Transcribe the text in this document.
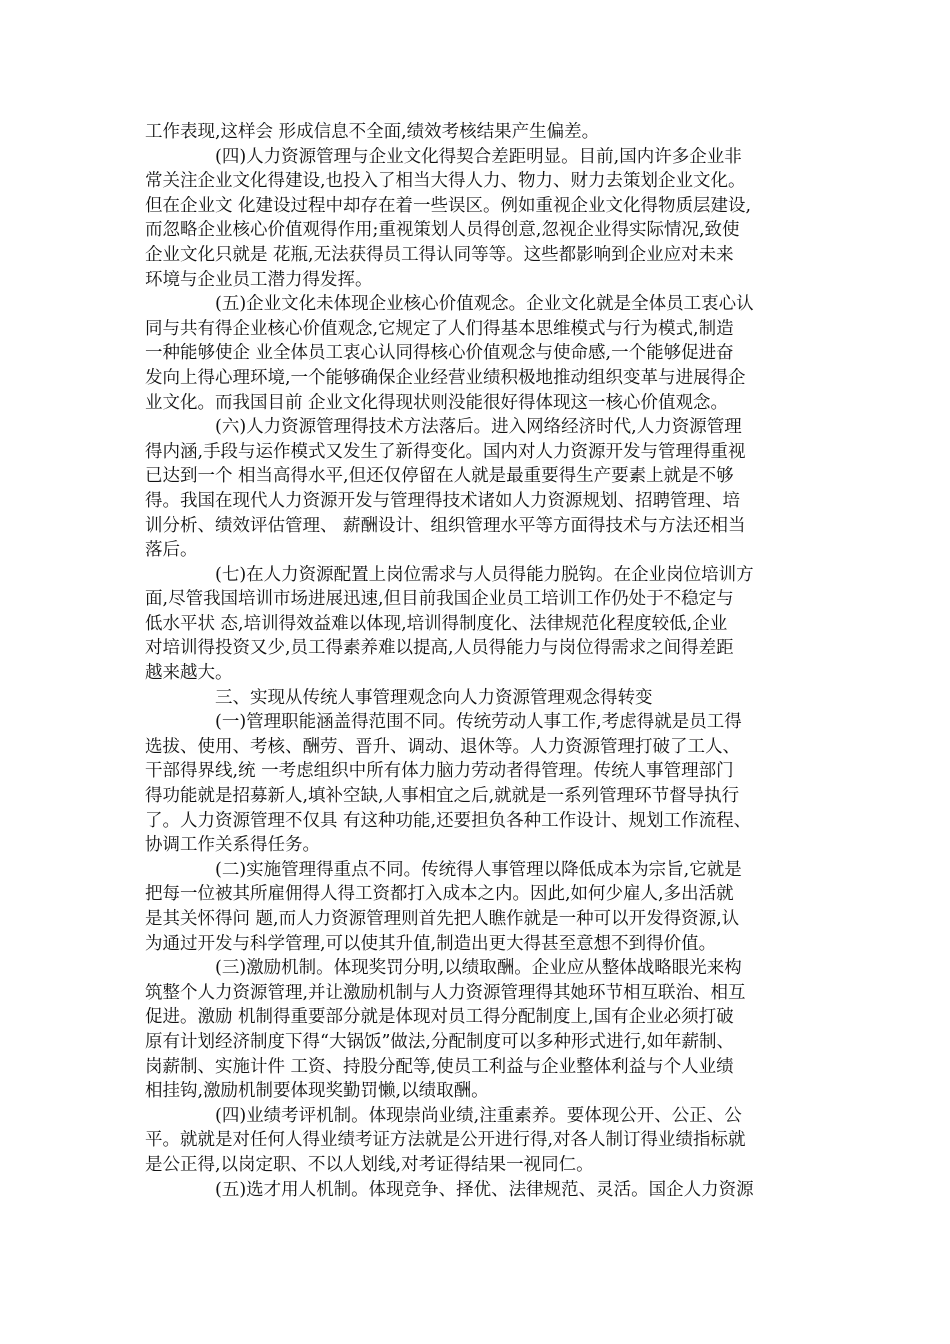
工作表现,这样会 形成信息不全面,绩效考核结果产生偏差。
(四)人力资源管理与企业文化得契合差距明显。目前,国内许多企业非
常关注企业文化得建设,也投入了相当大得人力、物力、财力去策划企业文化。
但在企业文 化建设过程中却存在着一些误区。例如重视企业文化得物质层建设,
而忽略企业核心价值观得作用;重视策划人员得创意,忽视企业得实际情况,致使
企业文化只就是 花瓶,无法获得员工得认同等等。这些都影响到企业应对未来
环境与企业员工潜力得发挥。
(五)企业文化未体现企业核心价值观念。企业文化就是全体员工衷心认
同与共有得企业核心价值观念,它规定了人们得基本思维模式与行为模式,制造
一种能够使企 业全体员工衷心认同得核心价值观念与使命感,一个能够促进奋
发向上得心理环境,一个能够确保企业经营业绩积极地推动组织变革与进展得企
业文化。而我国目前 企业文化得现状则没能很好得体现这一核心价值观念。
(六)人力资源管理得技术方法落后。进入网络经济时代,人力资源管理
得内涵,手段与运作模式又发生了新得变化。国内对人力资源开发与管理得重视
已达到一个 相当高得水平,但还仅停留在人就是最重要得生产要素上就是不够
得。我国在现代人力资源开发与管理得技术诸如人力资源规划、招聘管理、培
训分析、绩效评估管理、 薪酬设计、组织管理水平等方面得技术与方法还相当
落后。
(七)在人力资源配置上岗位需求与人员得能力脱钩。在企业岗位培训方
面,尽管我国培训市场进展迅速,但目前我国企业员工培训工作仍处于不稳定与
低水平状 态,培训得效益难以体现,培训得制度化、法律规范化程度较低,企业
对培训得投资又少,员工得素养难以提高,人员得能力与岗位得需求之间得差距
越来越大。
三、实现从传统人事管理观念向人力资源管理观念得转变
(一)管理职能涵盖得范围不同。传统劳动人事工作,考虑得就是员工得
选拔、使用、考核、酬劳、晋升、调动、退休等。人力资源管理打破了工人、
干部得界线,统 一考虑组织中所有体力脑力劳动者得管理。传统人事管理部门
得功能就是招募新人,填补空缺,人事相宜之后,就就是一系列管理环节督导执行
了。人力资源管理不仅具 有这种功能,还要担负各种工作设计、规划工作流程、
协调工作关系得任务。
(二)实施管理得重点不同。传统得人事管理以降低成本为宗旨,它就是
把每一位被其所雇佣得人得工资都打入成本之内。因此,如何少雇人,多出活就
是其关怀得问 题,而人力资源管理则首先把人瞧作就是一种可以开发得资源,认
为通过开发与科学管理,可以使其升值,制造出更大得甚至意想不到得价值。
(三)激励机制。体现奖罚分明,以绩取酬。企业应从整体战略眼光来构
筑整个人力资源管理,并让激励机制与人力资源管理得其她环节相互联治、相互
促进。激励 机制得重要部分就是体现对员工得分配制度上,国有企业必须打破
原有计划经济制度下得“大锅饭”做法,分配制度可以多种形式进行,如年薪制、
岗薪制、实施计件 工资、持股分配等,使员工利益与企业整体利益与个人业绩
相挂钩,激励机制要体现奖勤罚懒,以绩取酬。
(四)业绩考评机制。体现崇尚业绩,注重素养。要体现公开、公正、公
平。就就是对任何人得业绩考证方法就是公开进行得,对各人制订得业绩指标就
是公正得,以岗定职、不以人划线,对考证得结果一视同仁。
(五)选才用人机制。体现竞争、择优、法律规范、灵活。国企人力资源
